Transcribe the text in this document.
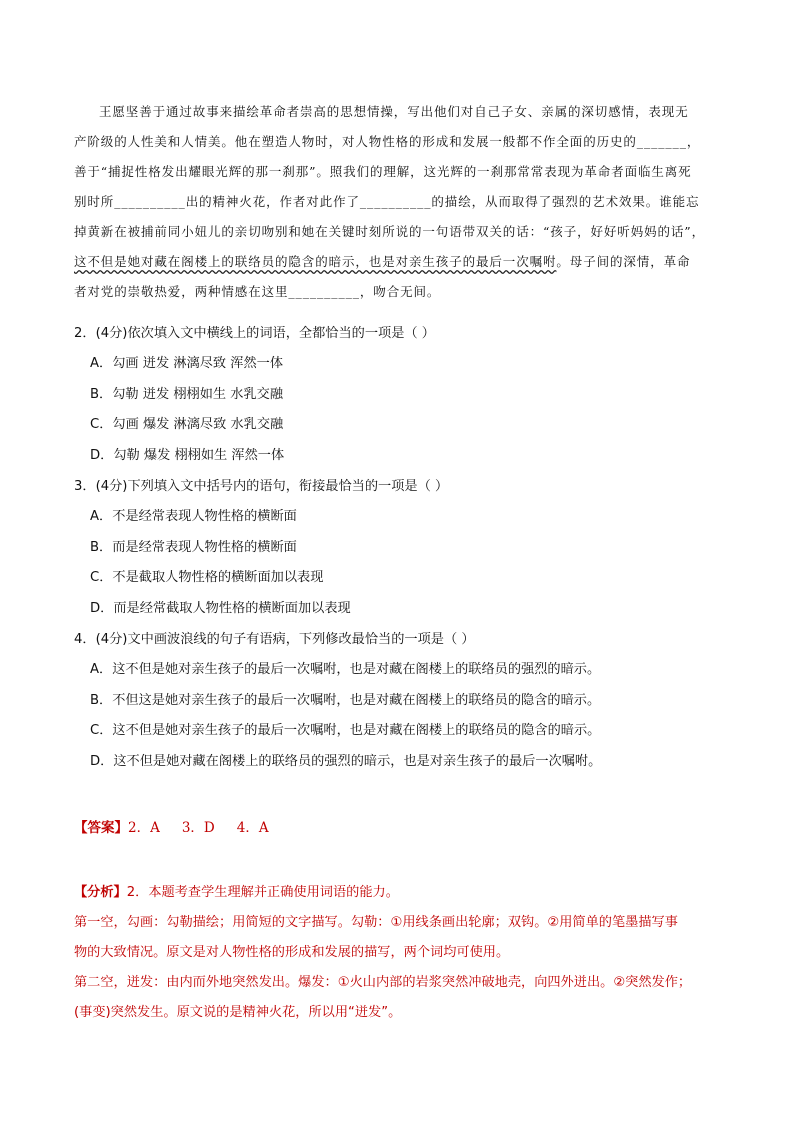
王愿坚善于通过故事来描绘革命者崇高的思想情操，写出他们对自己子女、亲属的深切感情，表现无

产阶级的人性美和人情美。他在塑造人物时，对人物性格的形成和发展一般都不作全面的历史的_______，

善于“捕捉性格发出耀眼光辉的那一刹那”。照我们的理解，这光辉的一刹那常常表现为革命者面临生离死

别时所__________出的精神火花，作者对此作了__________的描绘，从而取得了强烈的艺术效果。谁能忘

掉黄新在被捕前同小妞儿的亲切吻别和她在关键时刻所说的一句语带双关的话：“孩子，好好听妈妈的话”，

这不但是她对藏在阁楼上的联络员的隐含的暗示，也是对亲生孩子的最后一次嘱咐。母子间的深情，革命

者对党的崇敬热爱，两种情感在这里__________，吻合无间。

2．(4分)依次填入文中横线上的词语，全都恰当的一项是（ ）

A．勾画 迸发 淋漓尽致 浑然一体

B．勾勒 迸发 栩栩如生 水乳交融

C．勾画 爆发 淋漓尽致 水乳交融

D．勾勒 爆发 栩栩如生 浑然一体

3．(4分)下列填入文中括号内的语句，衔接最恰当的一项是（ ）

A．不是经常表现人物性格的横断面

B．而是经常表现人物性格的横断面

C．不是截取人物性格的横断面加以表现

D．而是经常截取人物性格的横断面加以表现

4．(4分)文中画波浪线的句子有语病，下列修改最恰当的一项是（ ）

A．这不但是她对亲生孩子的最后一次嘱咐，也是对藏在阁楼上的联络员的强烈的暗示。

B．不但这是她对亲生孩子的最后一次嘱咐，也是对藏在阁楼上的联络员的隐含的暗示。

C．这不但是她对亲生孩子的最后一次嘱咐，也是对藏在阁楼上的联络员的隐含的暗示。

D．这不但是她对藏在阁楼上的联络员的强烈的暗示，也是对亲生孩子的最后一次嘱咐。

【答案】2．A 3．D 4．A

【分析】2．本题考查学生理解并正确使用词语的能力。

第一空，勾画：勾勒描绘；用简短的文字描写。勾勒：①用线条画出轮廓；双钩。②用简单的笔墨描写事

物的大致情况。原文是对人物性格的形成和发展的描写，两个词均可使用。

第二空，迸发：由内而外地突然发出。爆发：①火山内部的岩浆突然冲破地壳，向四外迸出。②突然发作；

(事变)突然发生。原文说的是精神火花，所以用“迸发”。
